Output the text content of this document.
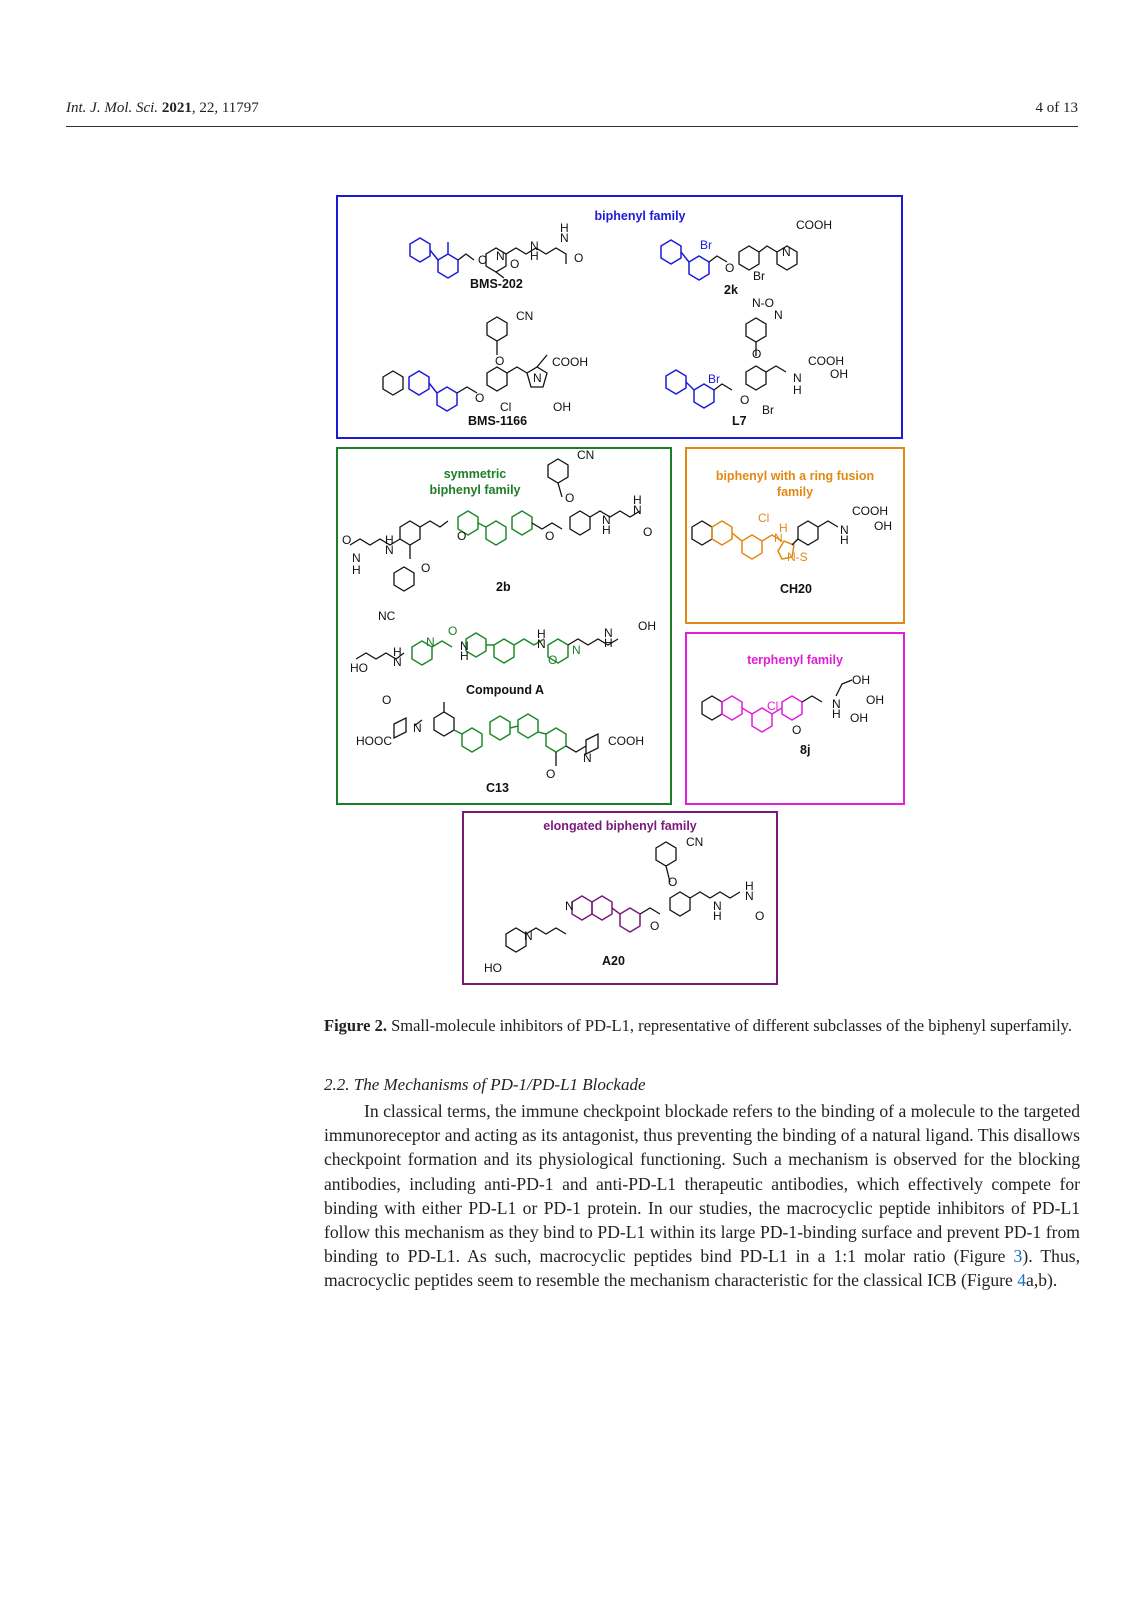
Int. J. Mol. Sci. 2021, 22, 11797	4 of 13
biphenyl family
O N
O
N
H
H
N
O
BMS-202
COOH
Br
O
Br
N
2k
CN
O	COOH
N
O
Cl	OH
BMS-1166
N-O
N
O	COOH
N OH
H
Br
O
Br
L7
symmetric
biphenyl family
CN
O	H
N
N
H	O
O	O
O	H
N
N
H	O
NC
2b
N
O
N
H
H
N
O
N
N
H
OH
H
N
HO
Compound A
O
N
HOOC
N
COOH
O
C13
biphenyl with a ring fusion
family
Cl
H
N
N-S
COOH
N
H
OH
CH20
terphenyl family
Cl
OH
N
H
OH
OH
O
8j
elongated biphenyl family
CN
O	H
N
N
H	O
O
N
N
HO	A20
Figure 2. Small-molecule inhibitors of PD-L1, representative of different subclasses of the biphenyl superfamily.
2.2. The Mechanisms of PD-1/PD-L1 Blockade
In classical terms, the immune checkpoint blockade refers to the binding of a molecule to the targeted immunoreceptor and acting as its antagonist, thus preventing the binding of a natural ligand. This disallows checkpoint formation and its physiological functioning. Such a mechanism is observed for the blocking antibodies, including anti-PD-1 and anti-PD-L1 therapeutic antibodies, which effectively compete for binding with either PD-L1 or PD-1 protein. In our studies, the macrocyclic peptide inhibitors of PD-L1 follow this mechanism as they bind to PD-L1 within its large PD-1-binding surface and prevent PD-1 from binding to PD-L1. As such, macrocyclic peptides bind PD-L1 in a 1:1 molar ratio (Figure 3). Thus, macrocyclic peptides seem to resemble the mechanism characteristic for the classical ICB (Figure 4a,b).
